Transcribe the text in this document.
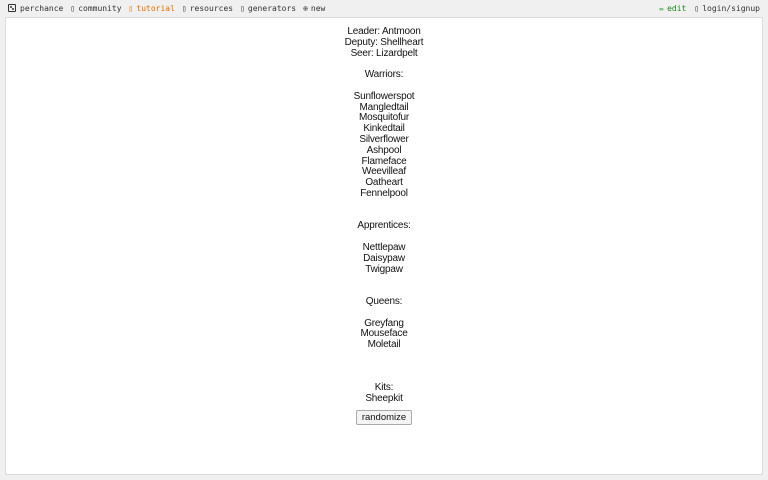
perchance ▯ community ▯ tutorial ▯ resources ▯ generators ⊕ new	✏ edit ▯ login/signup
Leader: Antmoon
Deputy: Shellheart
Seer: Lizardpelt
Warriors:
Sunflowerspot
Mangledtail
Mosquitofur
Kinkedtail
Silverflower
Ashpool
Flameface
Weevilleaf
Oatheart
Fennelpool
Apprentices:
Nettlepaw
Daisypaw
Twigpaw
Queens:
Greyfang
Mouseface
Moletail
Kits:
Sheepkit
randomize
